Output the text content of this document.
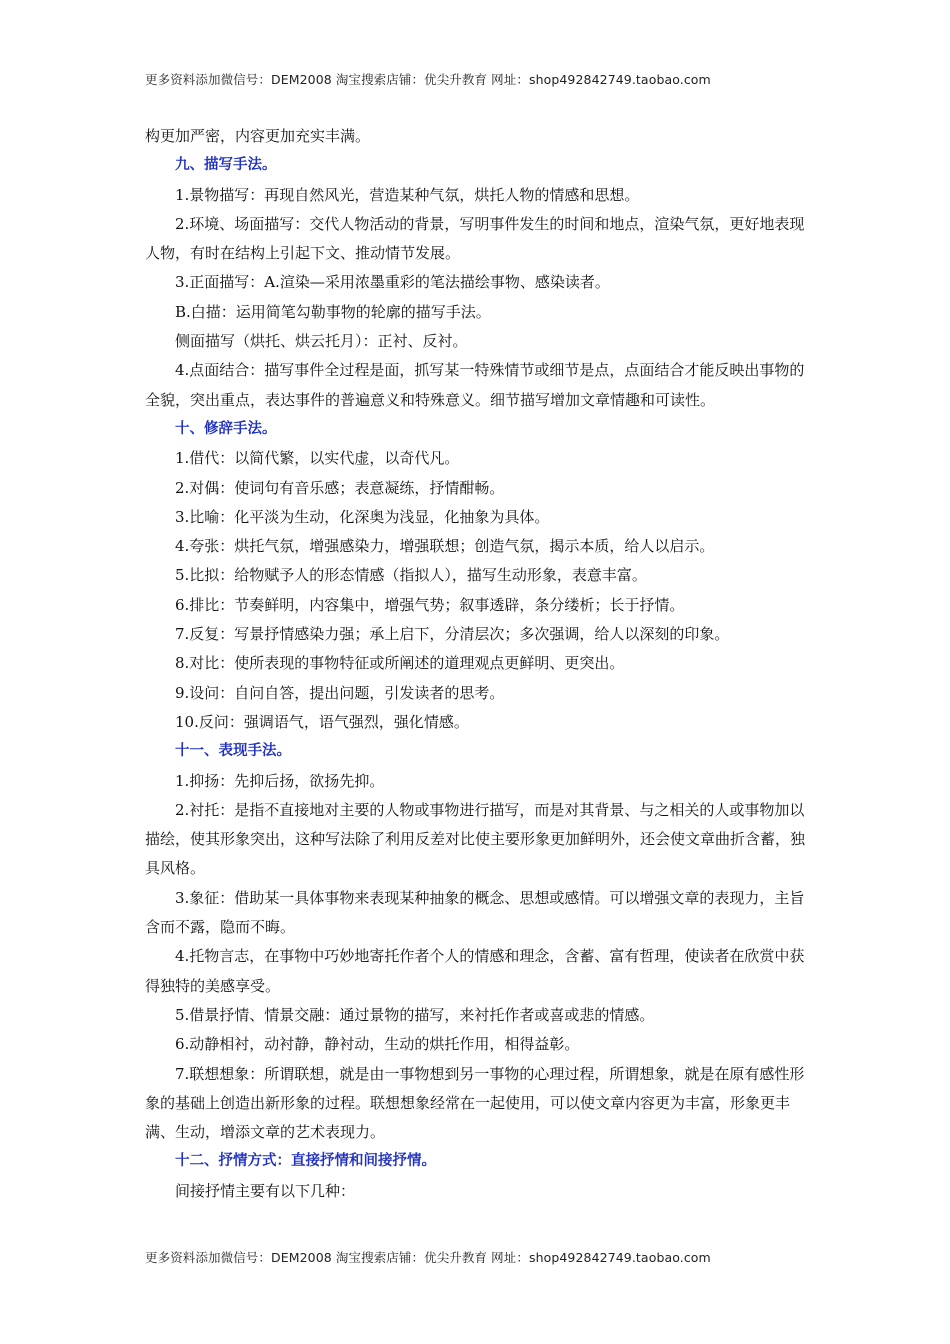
更多资料添加微信号：DEM2008 淘宝搜索店铺：优尖升教育 网址：shop492842749.taobao.com

构更加严密，内容更加充实丰满。

九、描写手法。

1.景物描写：再现自然风光，营造某种气氛，烘托人物的情感和思想。

2.环境、场面描写：交代人物活动的背景，写明事件发生的时间和地点，渲染气氛，更好地表现人物，有时在结构上引起下文、推动情节发展。

3.正面描写：A.渲染—采用浓墨重彩的笔法描绘事物、感染读者。

B.白描：运用简笔勾勒事物的轮廓的描写手法。

侧面描写（烘托、烘云托月）：正衬、反衬。

4.点面结合：描写事件全过程是面，抓写某一特殊情节或细节是点，点面结合才能反映出事物的全貌，突出重点，表达事件的普遍意义和特殊意义。细节描写增加文章情趣和可读性。

十、修辞手法。

1.借代：以简代繁，以实代虚，以奇代凡。

2.对偶：使词句有音乐感；表意凝练，抒情酣畅。

3.比喻：化平淡为生动，化深奥为浅显，化抽象为具体。

4.夸张：烘托气氛，增强感染力，增强联想；创造气氛，揭示本质，给人以启示。

5.比拟：给物赋予人的形态情感（指拟人），描写生动形象，表意丰富。

6.排比：节奏鲜明，内容集中，增强气势；叙事透辟，条分缕析；长于抒情。

7.反复：写景抒情感染力强；承上启下，分清层次；多次强调，给人以深刻的印象。

8.对比：使所表现的事物特征或所阐述的道理观点更鲜明、更突出。

9.设问：自问自答，提出问题，引发读者的思考。

10.反问：强调语气，语气强烈，强化情感。

十一、表现手法。

1.抑扬：先抑后扬，欲扬先抑。

2.衬托：是指不直接地对主要的人物或事物进行描写，而是对其背景、与之相关的人或事物加以描绘，使其形象突出，这种写法除了利用反差对比使主要形象更加鲜明外，还会使文章曲折含蓄，独具风格。

3.象征：借助某一具体事物来表现某种抽象的概念、思想或感情。可以增强文章的表现力，主旨含而不露，隐而不晦。

4.托物言志，在事物中巧妙地寄托作者个人的情感和理念，含蓄、富有哲理，使读者在欣赏中获得独特的美感享受。

5.借景抒情、情景交融：通过景物的描写，来衬托作者或喜或悲的情感。

6.动静相衬，动衬静，静衬动，生动的烘托作用，相得益彰。

7.联想想象：所谓联想，就是由一事物想到另一事物的心理过程，所谓想象，就是在原有感性形象的基础上创造出新形象的过程。联想想象经常在一起使用，可以使文章内容更为丰富，形象更丰满、生动，增添文章的艺术表现力。

十二、抒情方式：直接抒情和间接抒情。

间接抒情主要有以下几种：

更多资料添加微信号：DEM2008 淘宝搜索店铺：优尖升教育 网址：shop492842749.taobao.com
